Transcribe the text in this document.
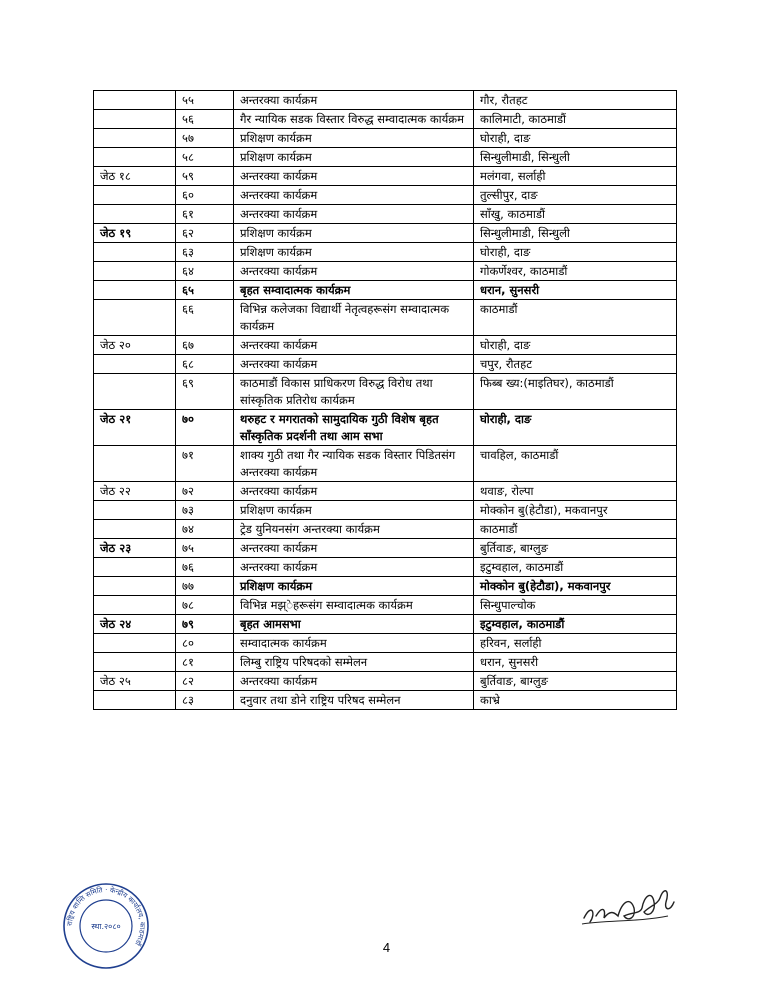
	५५	अन्तरक्या कार्यक्रम	गौर, रौतहट
	५६	गैर न्यायिक सडक विस्तार विरुद्ध सम्वादात्मक कार्यक्रम	कालिमाटी, काठमाडौं
	५७	प्रशिक्षण कार्यक्रम	घोराही, दाङ
	५८	प्रशिक्षण कार्यक्रम	सिन्धुलीमाडी, सिन्धुली
जेठ १८	५९	अन्तरक्या कार्यक्रम	मलंगवा, सर्लाही
	६०	अन्तरक्या कार्यक्रम	तुल्सीपुर, दाङ
	६१	अन्तरक्या कार्यक्रम	साँखु, काठमाडौं
जेठ १९	६२	प्रशिक्षण कार्यक्रम	सिन्धुलीमाडी, सिन्धुली
	६३	प्रशिक्षण कार्यक्रम	घोराही, दाङ
	६४	अन्तरक्या कार्यक्रम	गोकर्णेश्वर, काठमाडौं
	६५	बृहत सम्वादात्मक कार्यक्रम	धरान, सुनसरी
	६६	विभिन्न कलेजका विद्यार्थी नेतृत्वहरूसंग सम्वादात्मक कार्यक्रम	काठमाडौं
जेठ २०	६७	अन्तरक्या कार्यक्रम	घोराही, दाङ
	६८	अन्तरक्या कार्यक्रम	चपुर, रौतहट
	६९	काठमाडौं विकास प्राधिकरण विरुद्ध विरोध तथा सांस्कृतिक प्रतिरोध कार्यक्रम	फिब्ब ख्य:(माइतिघर), काठमाडौं
जेठ २१	७०	थरुहट र मगरातको सामुदायिक गुठी विशेष बृहत साँस्कृतिक प्रदर्शनी तथा आम सभा	घोराही, दाङ
	७१	शाक्य गुठी तथा गैर न्यायिक सडक विस्तार पिडितसंग अन्तरक्या कार्यक्रम	चावहिल, काठमाडौं
जेठ २२	७२	अन्तरक्या कार्यक्रम	थवाङ, रोल्पा
	७३	प्रशिक्षण कार्यक्रम	मोक्कोन बु(हेटौडा), मकवानपुर
	७४	ट्रेड युनियनसंग अन्तरक्या कार्यक्रम	काठमाडौं
जेठ २३	७५	अन्तरक्या कार्यक्रम	बुर्तिवाङ, बाग्लुङ
	७६	अन्तरक्या कार्यक्रम	इटुम्वहाल, काठमाडौं
	७७	प्रशिक्षण कार्यक्रम	मोक्कोन बु(हेटौडा), मकवानपुर
	७८	विभिन्न मझ्ेहरूसंग सम्वादात्मक कार्यक्रम	सिन्धुपाल्चोक
जेठ २४	७९	बृहत आमसभा	इटुम्वहाल, काठमाडौं
	८०	सम्वादात्मक कार्यक्रम	हरिवन, सर्लाही
	८१	लिम्बु राष्ट्रिय परिषदको सम्मेलन	धरान, सुनसरी
जेठ २५	८२	अन्तरक्या कार्यक्रम	बुर्तिवाङ, बाग्लुङ
	८३	दनुवार तथा डोने राष्ट्रिय परिषद सम्मेलन	काभ्रे
4
राष्ट्रिय शान्ति समिति · केन्द्रीय कार्यालय, काठमाडौं
स्था.२०८०
